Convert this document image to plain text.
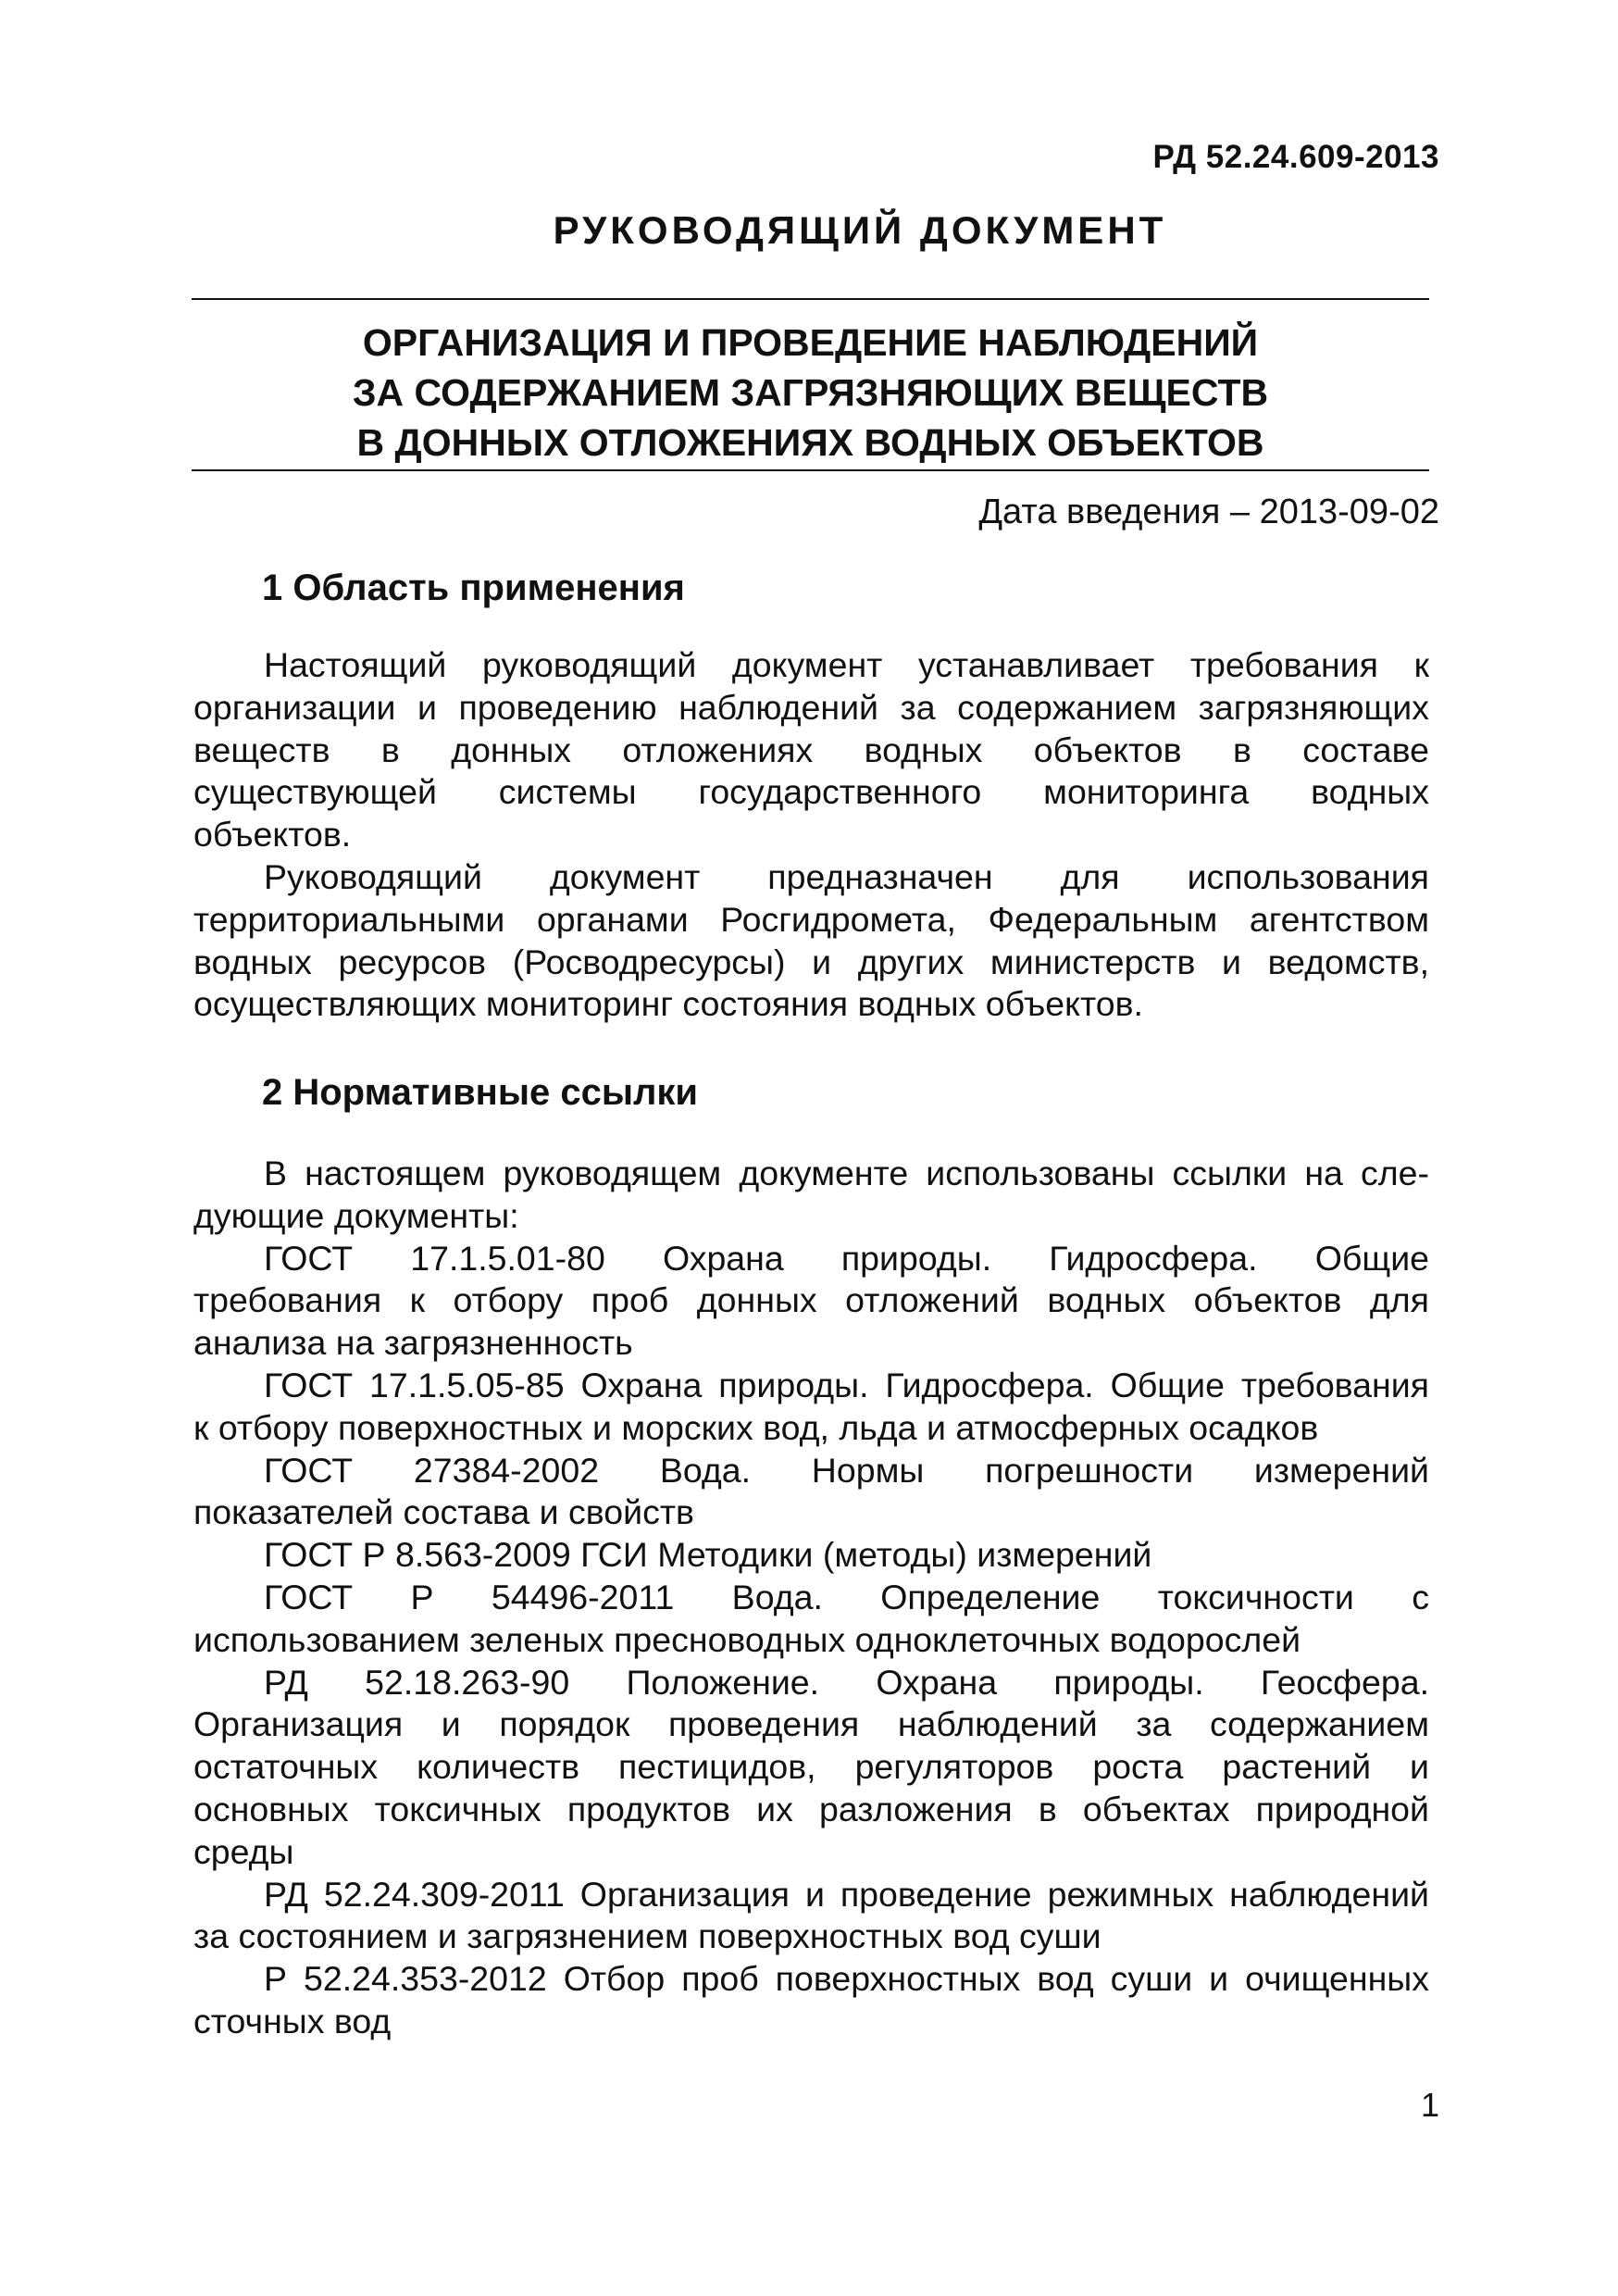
РД 52.24.609-2013
РУКОВОДЯЩИЙ ДОКУМЕНТ
ОРГАНИЗАЦИЯ И ПРОВЕДЕНИЕ НАБЛЮДЕНИЙ
ЗА СОДЕРЖАНИЕМ ЗАГРЯЗНЯЮЩИХ ВЕЩЕСТВ
В ДОННЫХ ОТЛОЖЕНИЯХ ВОДНЫХ ОБЪЕКТОВ
Дата введения – 2013-09-02
1 Область применения
Настоящий руководящий документ устанавливает требования к
организации и проведению наблюдений за содержанием загрязняющих
веществ в донных отложениях водных объектов в составе
существующей системы государственного мониторинга водных
объектов.
Руководящий документ предназначен для использования
территориальными органами Росгидромета, Федеральным агентством
водных ресурсов (Росводресурсы) и других министерств и ведомств,
осуществляющих мониторинг состояния водных объектов.
2 Нормативные ссылки
В настоящем руководящем документе использованы ссылки на сле-
дующие документы:
ГОСТ 17.1.5.01-80 Охрана природы. Гидросфера. Общие
требования к отбору проб донных отложений водных объектов для
анализа на загрязненность
ГОСТ 17.1.5.05-85 Охрана природы. Гидросфера. Общие требования
к отбору поверхностных и морских вод, льда и атмосферных осадков
ГОСТ 27384-2002 Вода. Нормы погрешности измерений
показателей состава и свойств
ГОСТ Р 8.563-2009 ГСИ Методики (методы) измерений
ГОСТ Р 54496-2011 Вода. Определение токсичности с
использованием зеленых пресноводных одноклеточных водорослей
РД 52.18.263-90 Положение. Охрана природы. Геосфера.
Организация и порядок проведения наблюдений за содержанием
остаточных количеств пестицидов, регуляторов роста растений и
основных токсичных продуктов их разложения в объектах природной
среды
РД 52.24.309-2011 Организация и проведение режимных наблюдений
за состоянием и загрязнением поверхностных вод суши
Р 52.24.353-2012 Отбор проб поверхностных вод суши и очищенных
сточных вод
1
